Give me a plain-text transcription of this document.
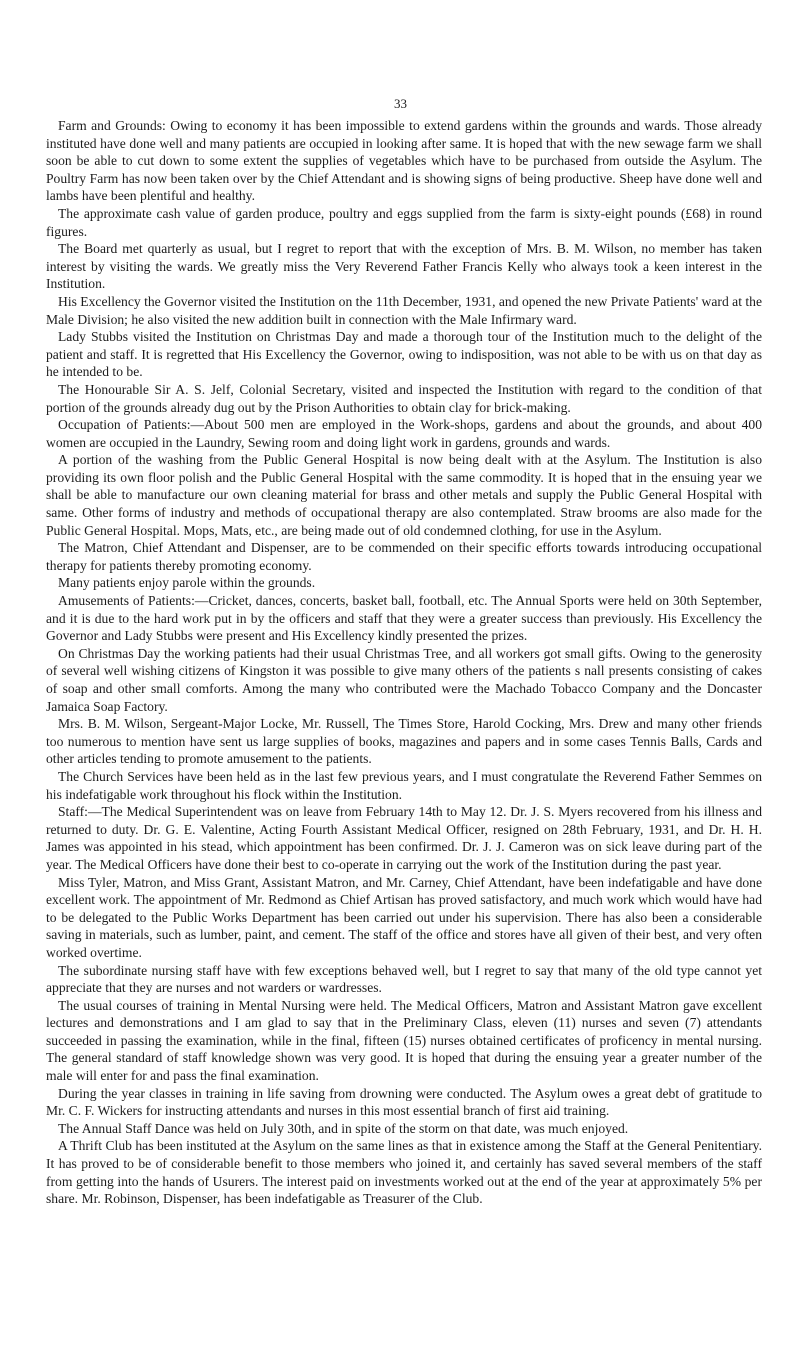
33

Farm and Grounds: Owing to economy it has been impossible to extend gardens within the grounds and wards. Those already instituted have done well and many patients are occupied in looking after same. It is hoped that with the new sewage farm we shall soon be able to cut down to some extent the supplies of vegetables which have to be purchased from outside the Asylum. The Poultry Farm has now been taken over by the Chief Attendant and is showing signs of being productive. Sheep have done well and lambs have been plentiful and healthy.

The approximate cash value of garden produce, poultry and eggs supplied from the farm is sixty-eight pounds (£68) in round figures.

The Board met quarterly as usual, but I regret to report that with the exception of Mrs. B. M. Wilson, no member has taken interest by visiting the wards. We greatly miss the Very Reverend Father Francis Kelly who always took a keen interest in the Institution.

His Excellency the Governor visited the Institution on the 11th December, 1931, and opened the new Private Patients' ward at the Male Division; he also visited the new addition built in connection with the Male Infirmary ward.

Lady Stubbs visited the Institution on Christmas Day and made a thorough tour of the Institution much to the delight of the patient and staff. It is regretted that His Excellency the Governor, owing to indisposition, was not able to be with us on that day as he intended to be.

The Honourable Sir A. S. Jelf, Colonial Secretary, visited and inspected the Institution with regard to the condition of that portion of the grounds already dug out by the Prison Authorities to obtain clay for brick-making.

Occupation of Patients:—About 500 men are employed in the Work-shops, gardens and about the grounds, and about 400 women are occupied in the Laundry, Sewing room and doing light work in gardens, grounds and wards.

A portion of the washing from the Public General Hospital is now being dealt with at the Asylum. The Institution is also providing its own floor polish and the Public General Hospital with the same commodity. It is hoped that in the ensuing year we shall be able to manufacture our own cleaning material for brass and other metals and supply the Public General Hospital with same. Other forms of industry and methods of occupational therapy are also contemplated. Straw brooms are also made for the Public General Hospital. Mops, Mats, etc., are being made out of old condemned clothing, for use in the Asylum.

The Matron, Chief Attendant and Dispenser, are to be commended on their specific efforts towards introducing occupational therapy for patients thereby promoting economy.

Many patients enjoy parole within the grounds.

Amusements of Patients:—Cricket, dances, concerts, basket ball, football, etc. The Annual Sports were held on 30th September, and it is due to the hard work put in by the officers and staff that they were a greater success than previously. His Excellency the Governor and Lady Stubbs were present and His Excellency kindly presented the prizes.

On Christmas Day the working patients had their usual Christmas Tree, and all workers got small gifts. Owing to the generosity of several well wishing citizens of Kingston it was possible to give many others of the patients s nall presents consisting of cakes of soap and other small comforts. Among the many who contributed were the Machado Tobacco Company and the Doncaster Jamaica Soap Factory.

Mrs. B. M. Wilson, Sergeant-Major Locke, Mr. Russell, The Times Store, Harold Cocking, Mrs. Drew and many other friends too numerous to mention have sent us large supplies of books, magazines and papers and in some cases Tennis Balls, Cards and other articles tending to promote amusement to the patients.

The Church Services have been held as in the last few previous years, and I must congratulate the Reverend Father Semmes on his indefatigable work throughout his flock within the Institution.

Staff:—The Medical Superintendent was on leave from February 14th to May 12. Dr. J. S. Myers recovered from his illness and returned to duty. Dr. G. E. Valentine, Acting Fourth Assistant Medical Officer, resigned on 28th February, 1931, and Dr. H. H. James was appointed in his stead, which appointment has been confirmed. Dr. J. J. Cameron was on sick leave during part of the year. The Medical Officers have done their best to co-operate in carrying out the work of the Institution during the past year.

Miss Tyler, Matron, and Miss Grant, Assistant Matron, and Mr. Carney, Chief Attendant, have been indefatigable and have done excellent work. The appointment of Mr. Redmond as Chief Artisan has proved satisfactory, and much work which would have had to be delegated to the Public Works Department has been carried out under his supervision. There has also been a considerable saving in materials, such as lumber, paint, and cement. The staff of the office and stores have all given of their best, and very often worked overtime.

The subordinate nursing staff have with few exceptions behaved well, but I regret to say that many of the old type cannot yet appreciate that they are nurses and not warders or wardresses.

The usual courses of training in Mental Nursing were held. The Medical Officers, Matron and Assistant Matron gave excellent lectures and demonstrations and I am glad to say that in the Preliminary Class, eleven (11) nurses and seven (7) attendants succeeded in passing the examination, while in the final, fifteen (15) nurses obtained certificates of proficency in mental nursing. The general standard of staff knowledge shown was very good. It is hoped that during the ensuing year a greater number of the male will enter for and pass the final examination.

During the year classes in training in life saving from drowning were conducted. The Asylum owes a great debt of gratitude to Mr. C. F. Wickers for instructing attendants and nurses in this most essential branch of first aid training.

The Annual Staff Dance was held on July 30th, and in spite of the storm on that date, was much enjoyed.

A Thrift Club has been instituted at the Asylum on the same lines as that in existence among the Staff at the General Penitentiary. It has proved to be of considerable benefit to those members who joined it, and certainly has saved several members of the staff from getting into the hands of Usurers. The interest paid on investments worked out at the end of the year at approximately 5% per share. Mr. Robinson, Dispenser, has been indefatigable as Treasurer of the Club.
